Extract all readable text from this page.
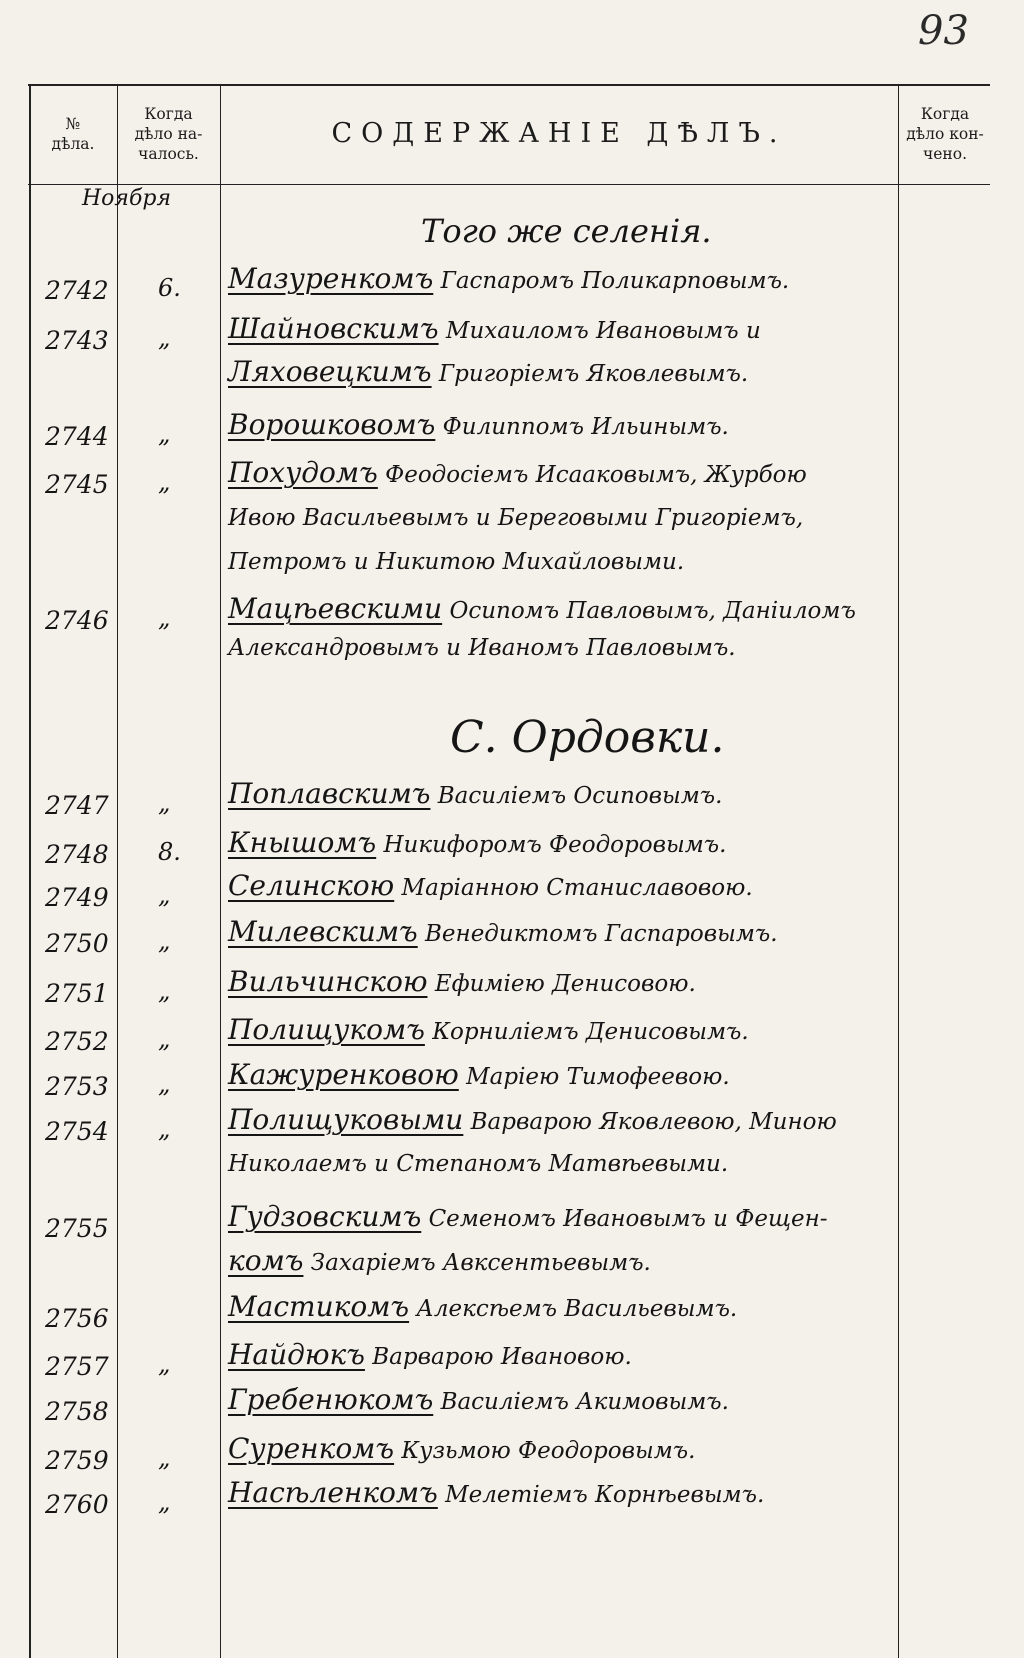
93
№
дѣла.
Когда
дѣло на-
чалось.
СОДЕРЖАНІЕ ДѢЛЪ.
Когда
дѣло кон-
чено.
Ноября
Того же селенія.
С. Ордовки.
2742 6. Мазуренкомъ Гаспаромъ Поликарповымъ.
2743 „ Шайновскимъ Михаиломъ Ивановымъ и
Ляховецкимъ Григоріемъ Яковлевымъ.
2744 „ Ворошковомъ Филиппомъ Ильинымъ.
2745 „ Похудомъ Феодосіемъ Исааковымъ, Журбою
Ивою Васильевымъ и Береговыми Григоріемъ,
Петромъ и Никитою Михайловыми.
2746 „ Мацѣевскими Осипомъ Павловымъ, Даніиломъ
Александровымъ и Иваномъ Павловымъ.
2747 „ Поплавскимъ Василіемъ Осиповымъ.
2748 8. Кнышомъ Никифоромъ Феодоровымъ.
2749 „ Селинскою Маріанною Станиславовою.
2750 „ Милевскимъ Венедиктомъ Гаспаровымъ.
2751 „ Вильчинскою Ефиміею Денисовою.
2752 „ Полищукомъ Корниліемъ Денисовымъ.
2753 „ Кажуренковою Маріею Тимофеевою.
2754 „ Полищуковыми Варварою Яковлевою, Миною
Николаемъ и Степаномъ Матвѣевыми.
2755	Гудзовскимъ Семеномъ Ивановымъ и Фещен-
комъ Захаріемъ Авксентьевымъ.
2756	Мастикомъ Алексѣемъ Васильевымъ.
2757 „ Найдюкъ Варварою Ивановою.
2758	Гребенюкомъ Василіемъ Акимовымъ.
2759 „ Суренкомъ Кузьмою Феодоровымъ.
2760 „ Насѣленкомъ Мелетіемъ Корнѣевымъ.
